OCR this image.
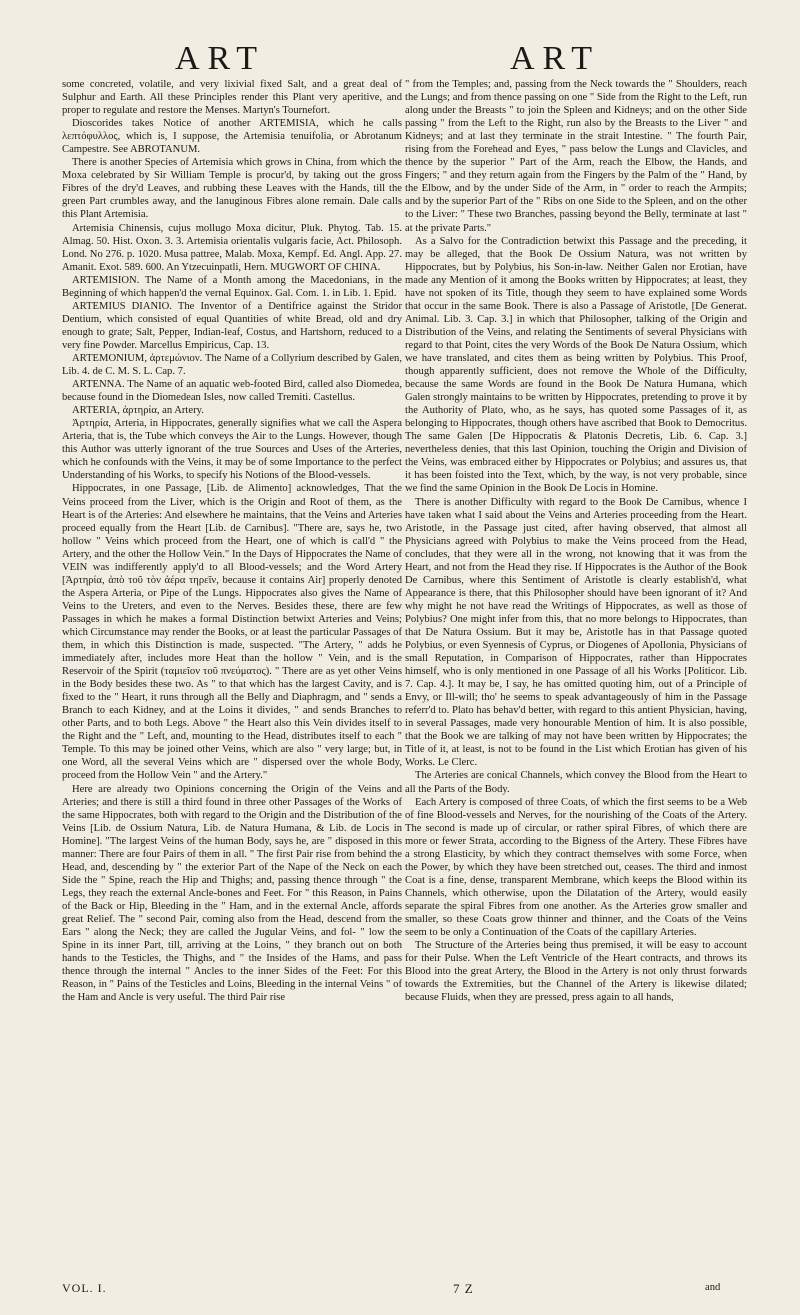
ART	ART

some concreted, volatile, and very lixivial fixed Salt, and a great deal of Sulphur and Earth. All these Principles render this Plant very aperitive, and proper to regulate and restore the Menses. Martyn's Tournefort.

Dioscorides takes Notice of another ARTEMISIA, which he calls λεπτόφυλλος, which is, I suppose, the Artemisia tenuifolia, or Abrotanum Campestre. See ABROTANUM.

There is another Species of Artemisia which grows in China, from which the Moxa celebrated by Sir William Temple is procur'd, by taking out the gross Fibres of the dry'd Leaves, and rubbing these Leaves with the Hands, till the green Part crumbles away, and the lanuginous Fibres alone remain. Dale calls this Plant Artemisia.

Artemisia Chinensis, cujus mollugo Moxa dicitur, Pluk. Phytog. Tab. 15. Almag. 50. Hist. Oxon. 3. 3. Artemisia orientalis vulgaris facie, Act. Philosoph. Lond. No 276. p. 1020. Musa pattree, Malab. Moxa, Kempf. Ed. Angl. App. 27. Amanit. Exot. 589. 600. An Ytzecuinpatli, Hern. MUGWORT OF CHINA.

ARTEMISION. The Name of a Month among the Macedonians, in the Beginning of which happen'd the vernal Equinox. Gal. Com. 1. in Lib. 1. Epid.

ARTEMIUS DIANIO. The Inventor of a Dentifrice against the Stridor Dentium, which consisted of equal Quantities of white Bread, old and dry enough to grate; Salt, Pepper, Indian-leaf, Costus, and Hartshorn, reduced to a very fine Powder. Marcellus Empiricus, Cap. 13.

ARTEMONIUM, ἀρτεμώνιον. The Name of a Collyrium described by Galen, Lib. 4. de C. M. S. L. Cap. 7.

ARTENNA. The Name of an aquatic web-footed Bird, called also Diomedea, because found in the Diomedean Isles, now called Tremiti. Castellus.

ARTERIA, ἀρτηρία, an Artery.

Ἀρτηρία, Arteria, in Hippocrates, generally signifies what we call the Aspera Arteria, that is, the Tube which conveys the Air to the Lungs. However, though this Author was utterly ignorant of the true Sources and Uses of the Arteries, which he confounds with the Veins, it may be of some Importance to the perfect Understanding of his Works, to specify his Notions of the Blood-vessels.

Hippocrates, in one Passage, [Lib. de Alimento] acknowledges, That the Veins proceed from the Liver, which is the Origin and Root of them, as the Heart is of the Arteries: And elsewhere he maintains, that the Veins and Arteries proceed equally from the Heart [Lib. de Carnibus]. "There are, says he, two hollow " Veins which proceed from the Heart, one of which is call'd " the Artery, and the other the Hollow Vein." In the Days of Hippocrates the Name of VEIN was indifferently apply'd to all Blood-vessels; and the Word Artery [Ἀρτηρία, ἀπὸ τοῦ τὸν ἀέρα τηρεῖν, because it contains Air] properly denoted the Aspera Arteria, or Pipe of the Lungs. Hippocrates also gives the Name of Veins to the Ureters, and even to the Nerves. Besides these, there are few Passages in which he makes a formal Distinction betwixt Arteries and Veins; which Circumstance may render the Books, or at least the particular Passages of them, in which this Distinction is made, suspected. "The Artery, " adds he immediately after, includes more Heat than the hollow " Vein, and is the Reservoir of the Spirit (ταμιεῖον τοῦ πνεύματος). " There are as yet other Veins in the Body besides these two. As " to that which has the largest Cavity, and is fixed to the " Heart, it runs through all the Belly and Diaphragm, and " sends a Branch to each Kidney, and at the Loins it divides, " and sends Branches to other Parts, and to both Legs. Above " the Heart also this Vein divides itself to the Right and the " Left, and, mounting to the Head, distributes itself to each " Temple. To this may be joined other Veins, which are also " very large; but, in one Word, all the several Veins which are " dispersed over the whole Body, proceed from the Hollow Vein " and the Artery."

Here are already two Opinions concerning the Origin of the Veins and Arteries; and there is still a third found in three other Passages of the Works of the same Hippocrates, both with regard to the Origin and the Distribution of the Veins [Lib. de Ossium Natura, Lib. de Natura Humana, & Lib. de Locis in Homine]. "The largest Veins of the human Body, says he, are " disposed in this manner: There are four Pairs of them in all. " The first Pair rise from behind the Head, and, descending by " the exterior Part of the Nape of the Neck on each Side the " Spine, reach the Hip and Thighs; and, passing thence through " the Legs, they reach the external Ancle-bones and Feet. For " this Reason, in Pains of the Back or Hip, Bleeding in the " Ham, and in the external Ancle, affords great Relief. The " second Pair, coming also from the Head, descend from the Ears " along the Neck; they are called the Jugular Veins, and fol- " low the Spine in its inner Part, till, arriving at the Loins, " they branch out on both hands to the Testicles, the Thighs, and " the Insides of the Hams, and pass thence through the internal " Ancles to the inner Sides of the Feet: For this Reason, in " Pains of the Testicles and Loins, Bleeding in the internal Veins " of the Ham and Ancle is very useful. The third Pair rise

" from the Temples; and, passing from the Neck towards the " Shoulders, reach the Lungs; and from thence passing on one " Side from the Right to the Left, run along under the Breasts " to join the Spleen and Kidneys; and on the other Side passing " from the Left to the Right, run also by the Breasts to the Liver " and Kidneys; and at last they terminate in the strait Intestine. " The fourth Pair, rising from the Forehead and Eyes, " pass below the Lungs and Clavicles, and thence by the superior " Part of the Arm, reach the Elbow, the Hands, and Fingers; " and they return again from the Fingers by the Palm of the " Hand, by the Elbow, and by the under Side of the Arm, in " order to reach the Armpits; and by the superior Part of the " Ribs on one Side to the Spleen, and on the other to the Liver: " These two Branches, passing beyond the Belly, terminate at last " at the private Parts."

As a Salvo for the Contradiction betwixt this Passage and the preceding, it may be alleged, that the Book De Ossium Natura, was not written by Hippocrates, but by Polybius, his Son-in-law. Neither Galen nor Erotian, have made any Mention of it among the Books written by Hippocrates; at least, they have not spoken of its Title, though they seem to have explained some Words that occur in the same Book. There is also a Passage of Aristotle, [De Generat. Animal. Lib. 3. Cap. 3.] in which that Philosopher, talking of the Origin and Distribution of the Veins, and relating the Sentiments of several Physicians with regard to that Point, cites the very Words of the Book De Natura Ossium, which we have translated, and cites them as being written by Polybius. This Proof, though apparently sufficient, does not remove the Whole of the Difficulty, because the same Words are found in the Book De Natura Humana, which Galen strongly maintains to be written by Hippocrates, pretending to prove it by the Authority of Plato, who, as he says, has quoted some Passages of it, as belonging to Hippocrates, though others have ascribed that Book to Democritus. The same Galen [De Hippocratis & Platonis Decretis, Lib. 6. Cap. 3.] nevertheless denies, that this last Opinion, touching the Origin and Division of the Veins, was embraced either by Hippocrates or Polybius; and assures us, that it has been foisted into the Text, which, by the way, is not very probable, since we find the same Opinion in the Book De Locis in Homine.

There is another Difficulty with regard to the Book De Carnibus, whence I have taken what I said about the Veins and Arteries proceeding from the Heart. Aristotle, in the Passage just cited, after having observed, that almost all Physicians agreed with Polybius to make the Veins proceed from the Head, concludes, that they were all in the wrong, not knowing that it was from the Heart, and not from the Head they rise. If Hippocrates is the Author of the Book De Carnibus, where this Sentiment of Aristotle is clearly establish'd, what Appearance is there, that this Philosopher should have been ignorant of it? And why might he not have read the Writings of Hippocrates, as well as those of Polybius? One might infer from this, that no more belongs to Hippocrates, than that De Natura Ossium. But it may be, Aristotle has in that Passage quoted Polybius, or even Syennesis of Cyprus, or Diogenes of Apollonia, Physicians of small Reputation, in Comparison of Hippocrates, rather than Hippocrates himself, who is only mentioned in one Passage of all his Works [Politicor. Lib. 7. Cap. 4.]. It may be, I say, he has omitted quoting him, out of a Principle of Envy, or Ill-will; tho' he seems to speak advantageously of him in the Passage referr'd to. Plato has behav'd better, with regard to this antient Physician, having, in several Passages, made very honourable Mention of him. It is also possible, that the Book we are talking of may not have been written by Hippocrates; the Title of it, at least, is not to be found in the List which Erotian has given of his Works. Le Clerc.

The Arteries are conical Channels, which convey the Blood from the Heart to all the Parts of the Body.

Each Artery is composed of three Coats, of which the first seems to be a Web of fine Blood-vessels and Nerves, for the nourishing of the Coats of the Artery. The second is made up of circular, or rather spiral Fibres, of which there are more or fewer Strata, according to the Bigness of the Artery. These Fibres have a strong Elasticity, by which they contract themselves with some Force, when the Power, by which they have been stretched out, ceases. The third and inmost Coat is a fine, dense, transparent Membrane, which keeps the Blood within its Channels, which otherwise, upon the Dilatation of the Artery, would easily separate the spiral Fibres from one another. As the Arteries grow smaller and smaller, so these Coats grow thinner and thinner, and the Coats of the Veins seem to be only a Continuation of the Coats of the capillary Arteries.

The Structure of the Arteries being thus premised, it will be easy to account for their Pulse. When the Left Ventricle of the Heart contracts, and throws its Blood into the great Artery, the Blood in the Artery is not only thrust forwards towards the Extremities, but the Channel of the Artery is likewise dilated; because Fluids, when they are pressed, press again to all hands,

VOL. I.	7 Z	and
